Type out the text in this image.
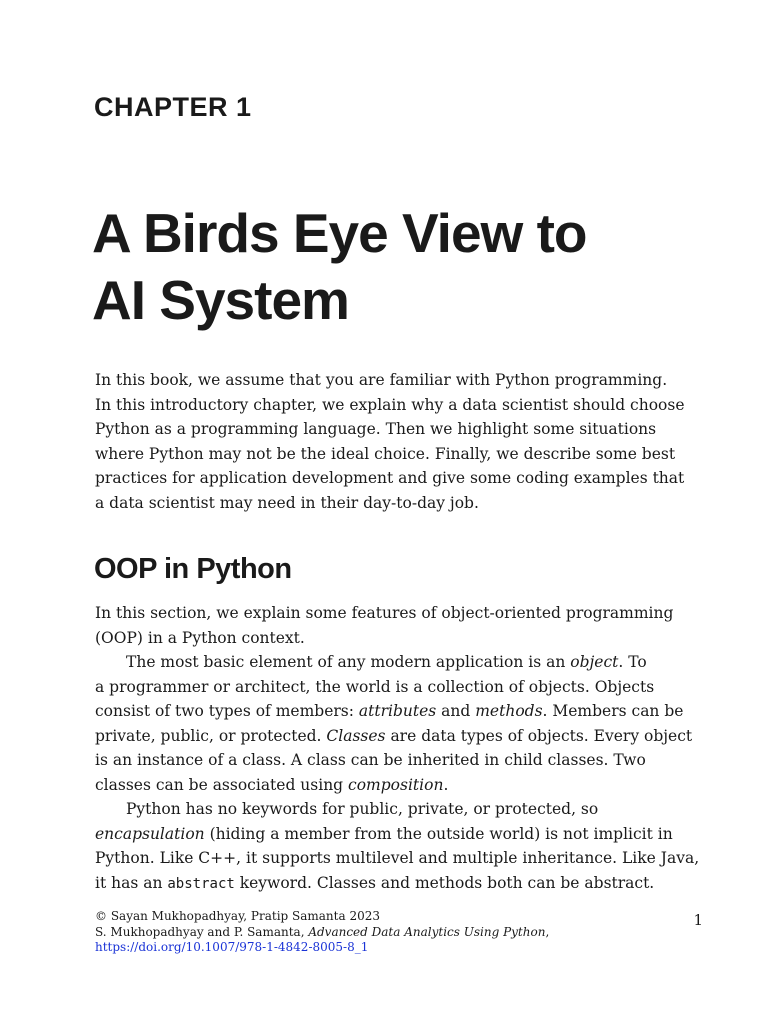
CHAPTER 1
A Birds Eye View to
AI System
In this book, we assume that you are familiar with Python programming.
In this introductory chapter, we explain why a data scientist should choose
Python as a programming language. Then we highlight some situations
where Python may not be the ideal choice. Finally, we describe some best
practices for application development and give some coding examples that
a data scientist may need in their day-to-day job.
OOP in Python

In this section, we explain some features of object-oriented programming
(OOP) in a Python context.

The most basic element of any modern application is an object. To

a programmer or architect, the world is a collection of objects. Objects
consist of two types of members: attributes and methods. Members can be
private, public, or protected. Classes are data types of objects. Every object
is an instance of a class. A class can be inherited in child classes. Two
classes can be associated using composition.

Python has no keywords for public, private, or protected, so

encapsulation (hiding a member from the outside world) is not implicit in
Python. Like C++, it supports multilevel and multiple inheritance. Like Java,
it has an abstract keyword. Classes and methods both can be abstract.

© Sayan Mukhopadhyay, Pratip Samanta 2023
S. Mukhopadhyay and P. Samanta, Advanced Data Analytics Using Python,
https://doi.org/10.1007/978-1-4842-8005-8_1
1
